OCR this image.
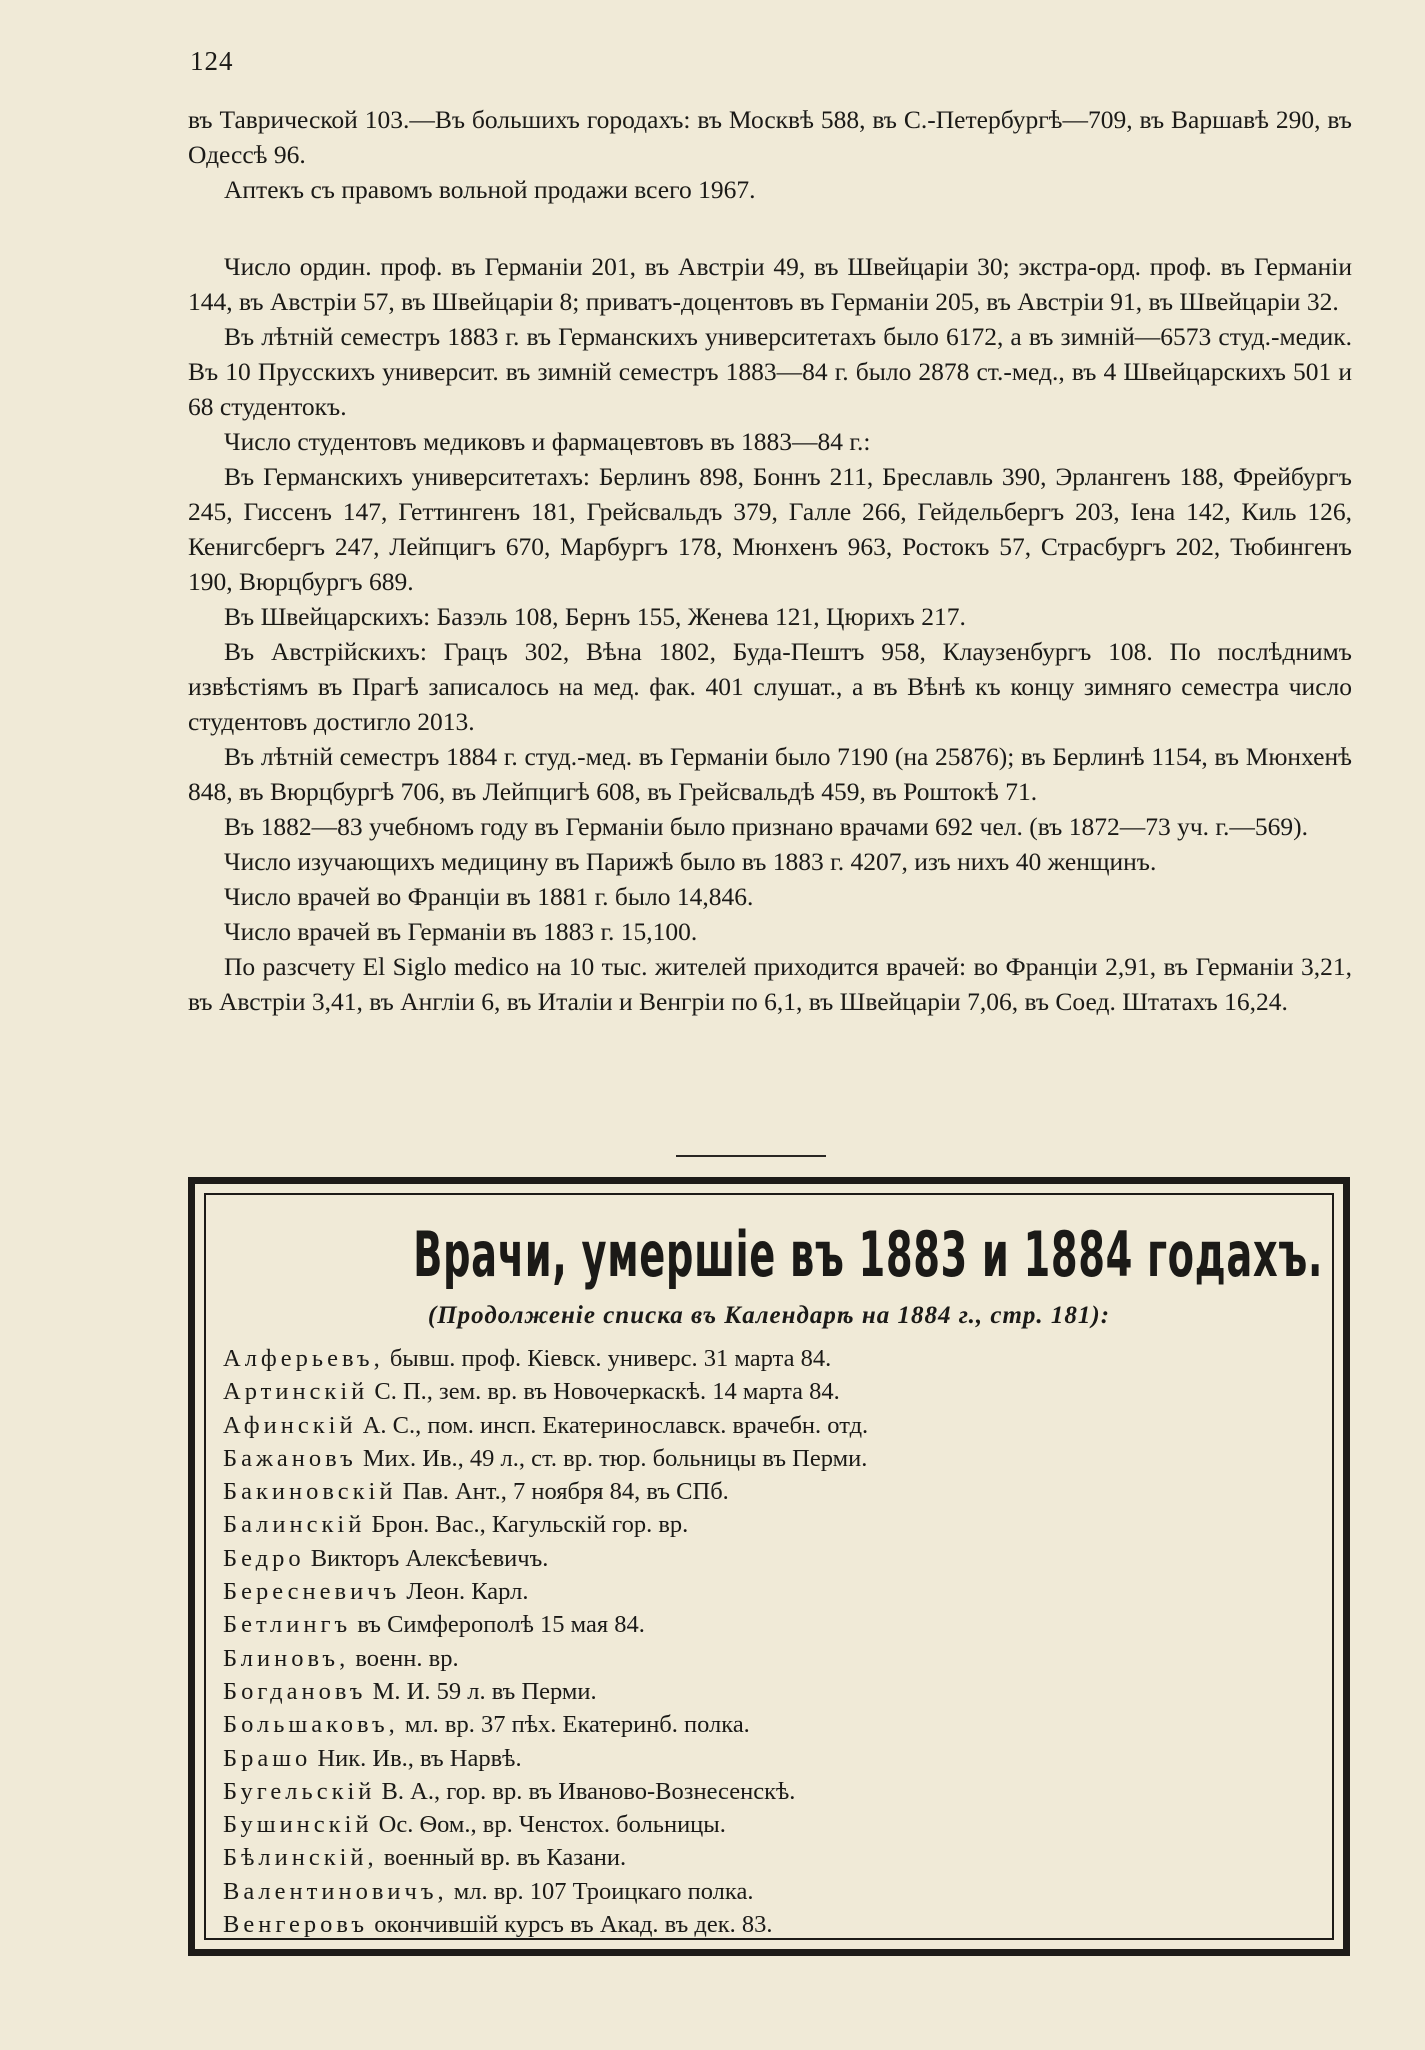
124

въ Таврической 103.—Въ большихъ городахъ: въ Москвѣ 588, въ С.-Петербургѣ—709, въ Варшавѣ 290, въ Одессѣ 96.

Аптекъ съ правомъ вольной продажи всего 1967.

Число ордин. проф. въ Германіи 201, въ Австріи 49, въ Швейцаріи 30; экстра-орд. проф. въ Германіи 144, въ Австріи 57, въ Швейцаріи 8; приватъ-доцентовъ въ Германіи 205, въ Австріи 91, въ Швейцаріи 32.

Въ лѣтній семестръ 1883 г. въ Германскихъ университетахъ было 6172, а въ зимній—6573 студ.-медик. Въ 10 Прусскихъ университ. въ зимній семестръ 1883—84 г. было 2878 ст.-мед., въ 4 Швейцарскихъ 501 и 68 студентокъ.

Число студентовъ медиковъ и фармацевтовъ въ 1883—84 г.:

Въ Германскихъ университетахъ: Берлинъ 898, Боннъ 211, Бреславль 390, Эрлангенъ 188, Фрейбургъ 245, Гиссенъ 147, Геттингенъ 181, Грейсвальдъ 379, Галле 266, Гейдельбергъ 203, Іена 142, Киль 126, Кенигсбергъ 247, Лейпцигъ 670, Марбургъ 178, Мюнхенъ 963, Ростокъ 57, Страсбургъ 202, Тюбингенъ 190, Вюрцбургъ 689.

Въ Швейцарскихъ: Базэль 108, Бернъ 155, Женева 121, Цюрихъ 217.

Въ Австрійскихъ: Грацъ 302, Вѣна 1802, Буда-Пештъ 958, Клаузенбургъ 108. По послѣднимъ извѣстіямъ въ Прагѣ записалось на мед. фак. 401 слушат., а въ Вѣнѣ къ концу зимняго семестра число студентовъ достигло 2013.

Въ лѣтній семестръ 1884 г. студ.-мед. въ Германіи было 7190 (на 25876); въ Берлинѣ 1154, въ Мюнхенѣ 848, въ Вюрцбургѣ 706, въ Лейпцигѣ 608, въ Грейсвальдѣ 459, въ Роштокѣ 71.

Въ 1882—83 учебномъ году въ Германіи было признано врачами 692 чел. (въ 1872—73 уч. г.—569).

Число изучающихъ медицину въ Парижѣ было въ 1883 г. 4207, изъ нихъ 40 женщинъ.

Число врачей во Франціи въ 1881 г. было 14,846.

Число врачей въ Германіи въ 1883 г. 15,100.

По разсчету El Siglo medico на 10 тыс. жителей приходится врачей: во Франціи 2,91, въ Германіи 3,21, въ Австріи 3,41, въ Англіи 6, въ Италіи и Венгріи по 6,1, въ Швейцаріи 7,06, въ Соед. Штатахъ 16,24.

Врачи, умершіе въ 1883 и 1884 годахъ.
(Продолженіе списка въ Календарѣ на 1884 г., стр. 181):
Алферьевъ, бывш. проф. Кіевск. универс. 31 марта 84.
Артинскій С. П., зем. вр. въ Новочеркаскѣ. 14 марта 84.
Афинскій А. С., пом. инсп. Екатеринославск. врачебн. отд.
Бажановъ Мих. Ив., 49 л., ст. вр. тюр. больницы въ Перми.
Бакиновскій Пав. Ант., 7 ноября 84, въ СПб.
Балинскій Брон. Вас., Кагульскій гор. вр.
Бедро Викторъ Алексѣевичъ.
Бересневичъ Леон. Карл.
Бетлингъ въ Симферополѣ 15 мая 84.
Блиновъ, военн. вр.
Богдановъ М. И. 59 л. въ Перми.
Большаковъ, мл. вр. 37 пѣх. Екатеринб. полка.
Брашо Ник. Ив., въ Нарвѣ.
Бугельскій В. А., гор. вр. въ Иваново-Вознесенскѣ.
Бушинскій Ос. Ѳом., вр. Ченстох. больницы.
Бѣлинскій, военный вр. въ Казани.
Валентиновичъ, мл. вр. 107 Троицкаго полка.
Венгеровъ окончившій курсъ въ Акад. въ дек. 83.
